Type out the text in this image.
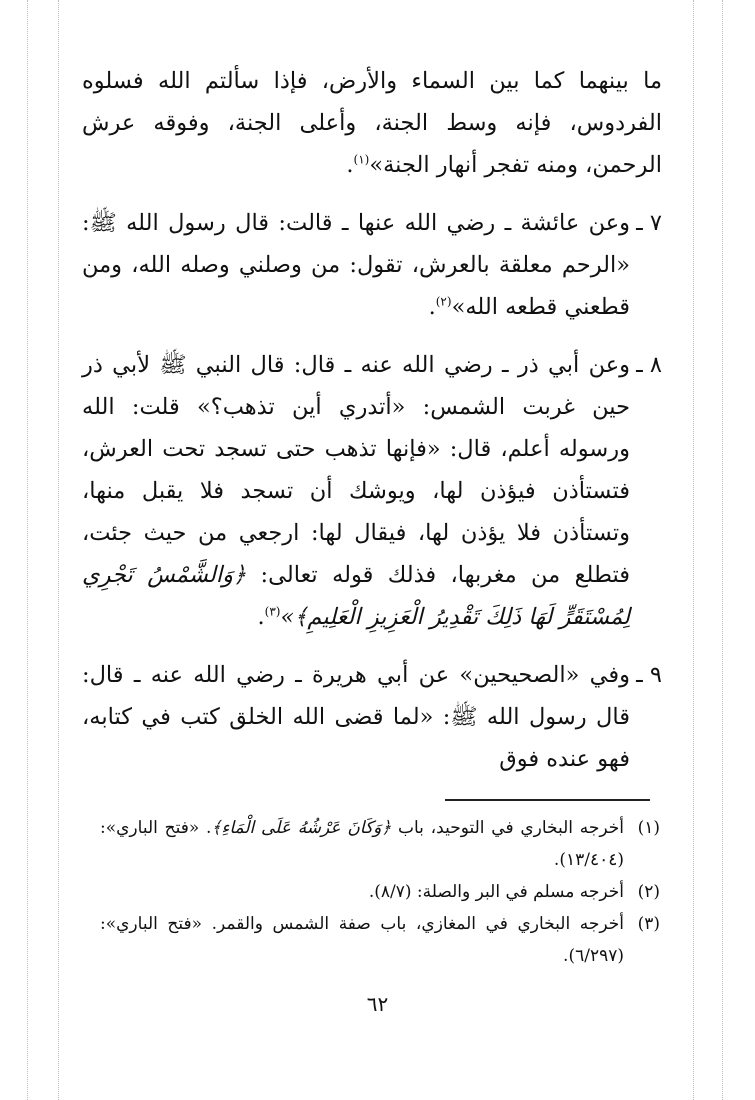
ما بينهما كما بين السماء والأرض، فإذا سألتم الله فسلوه الفردوس، فإنه وسط الجنة، وأعلى الجنة، وفوقه عرش الرحمن، ومنه تفجر أنهار الجنة»$^{(١)}$.

٧ ـ
وعن عائشة ـ رضي الله عنها ـ قالت: قال رسول الله ﷺ: «الرحم معلقة بالعرش، تقول: من وصلني وصله الله، ومن قطعني قطعه الله»$^{(٢)}$.
٨ ـ
وعن أبي ذر ـ رضي الله عنه ـ قال: قال النبي ﷺ لأبي ذر حين غربت الشمس: «أتدري أين تذهب؟» قلت: الله ورسوله أعلم، قال: «فإنها تذهب حتى تسجد تحت العرش، فتستأذن فيؤذن لها، ويوشك أن تسجد فلا يقبل منها، وتستأذن فلا يؤذن لها، فيقال لها: ارجعي من حيث جئت، فتطلع من مغربها، فذلك قوله تعالى: ﴿وَالشَّمْسُ تَجْرِي لِمُسْتَقَرٍّ لَهَا ذَلِكَ تَقْدِيرُ الْعَزِيزِ الْعَلِيمِ﴾»$^{(٣)}$.
٩ ـ
وفي «الصحيحين» عن أبي هريرة ـ رضي الله عنه ـ قال: قال رسول الله ﷺ: «لما قضى الله الخلق كتب في كتابه، فهو عنده فوق
(١)
أخرجه البخاري في التوحيد، باب ﴿وَكَانَ عَرْشُهُ عَلَى الْمَاءِ﴾. «فتح الباري»: (١٣/٤٠٤).
(٢)
أخرجه مسلم في البر والصلة: (٨/٧).
(٣)
أخرجه البخاري في المغازي، باب صفة الشمس والقمر. «فتح الباري»: (٦/٢٩٧).
٦٢
